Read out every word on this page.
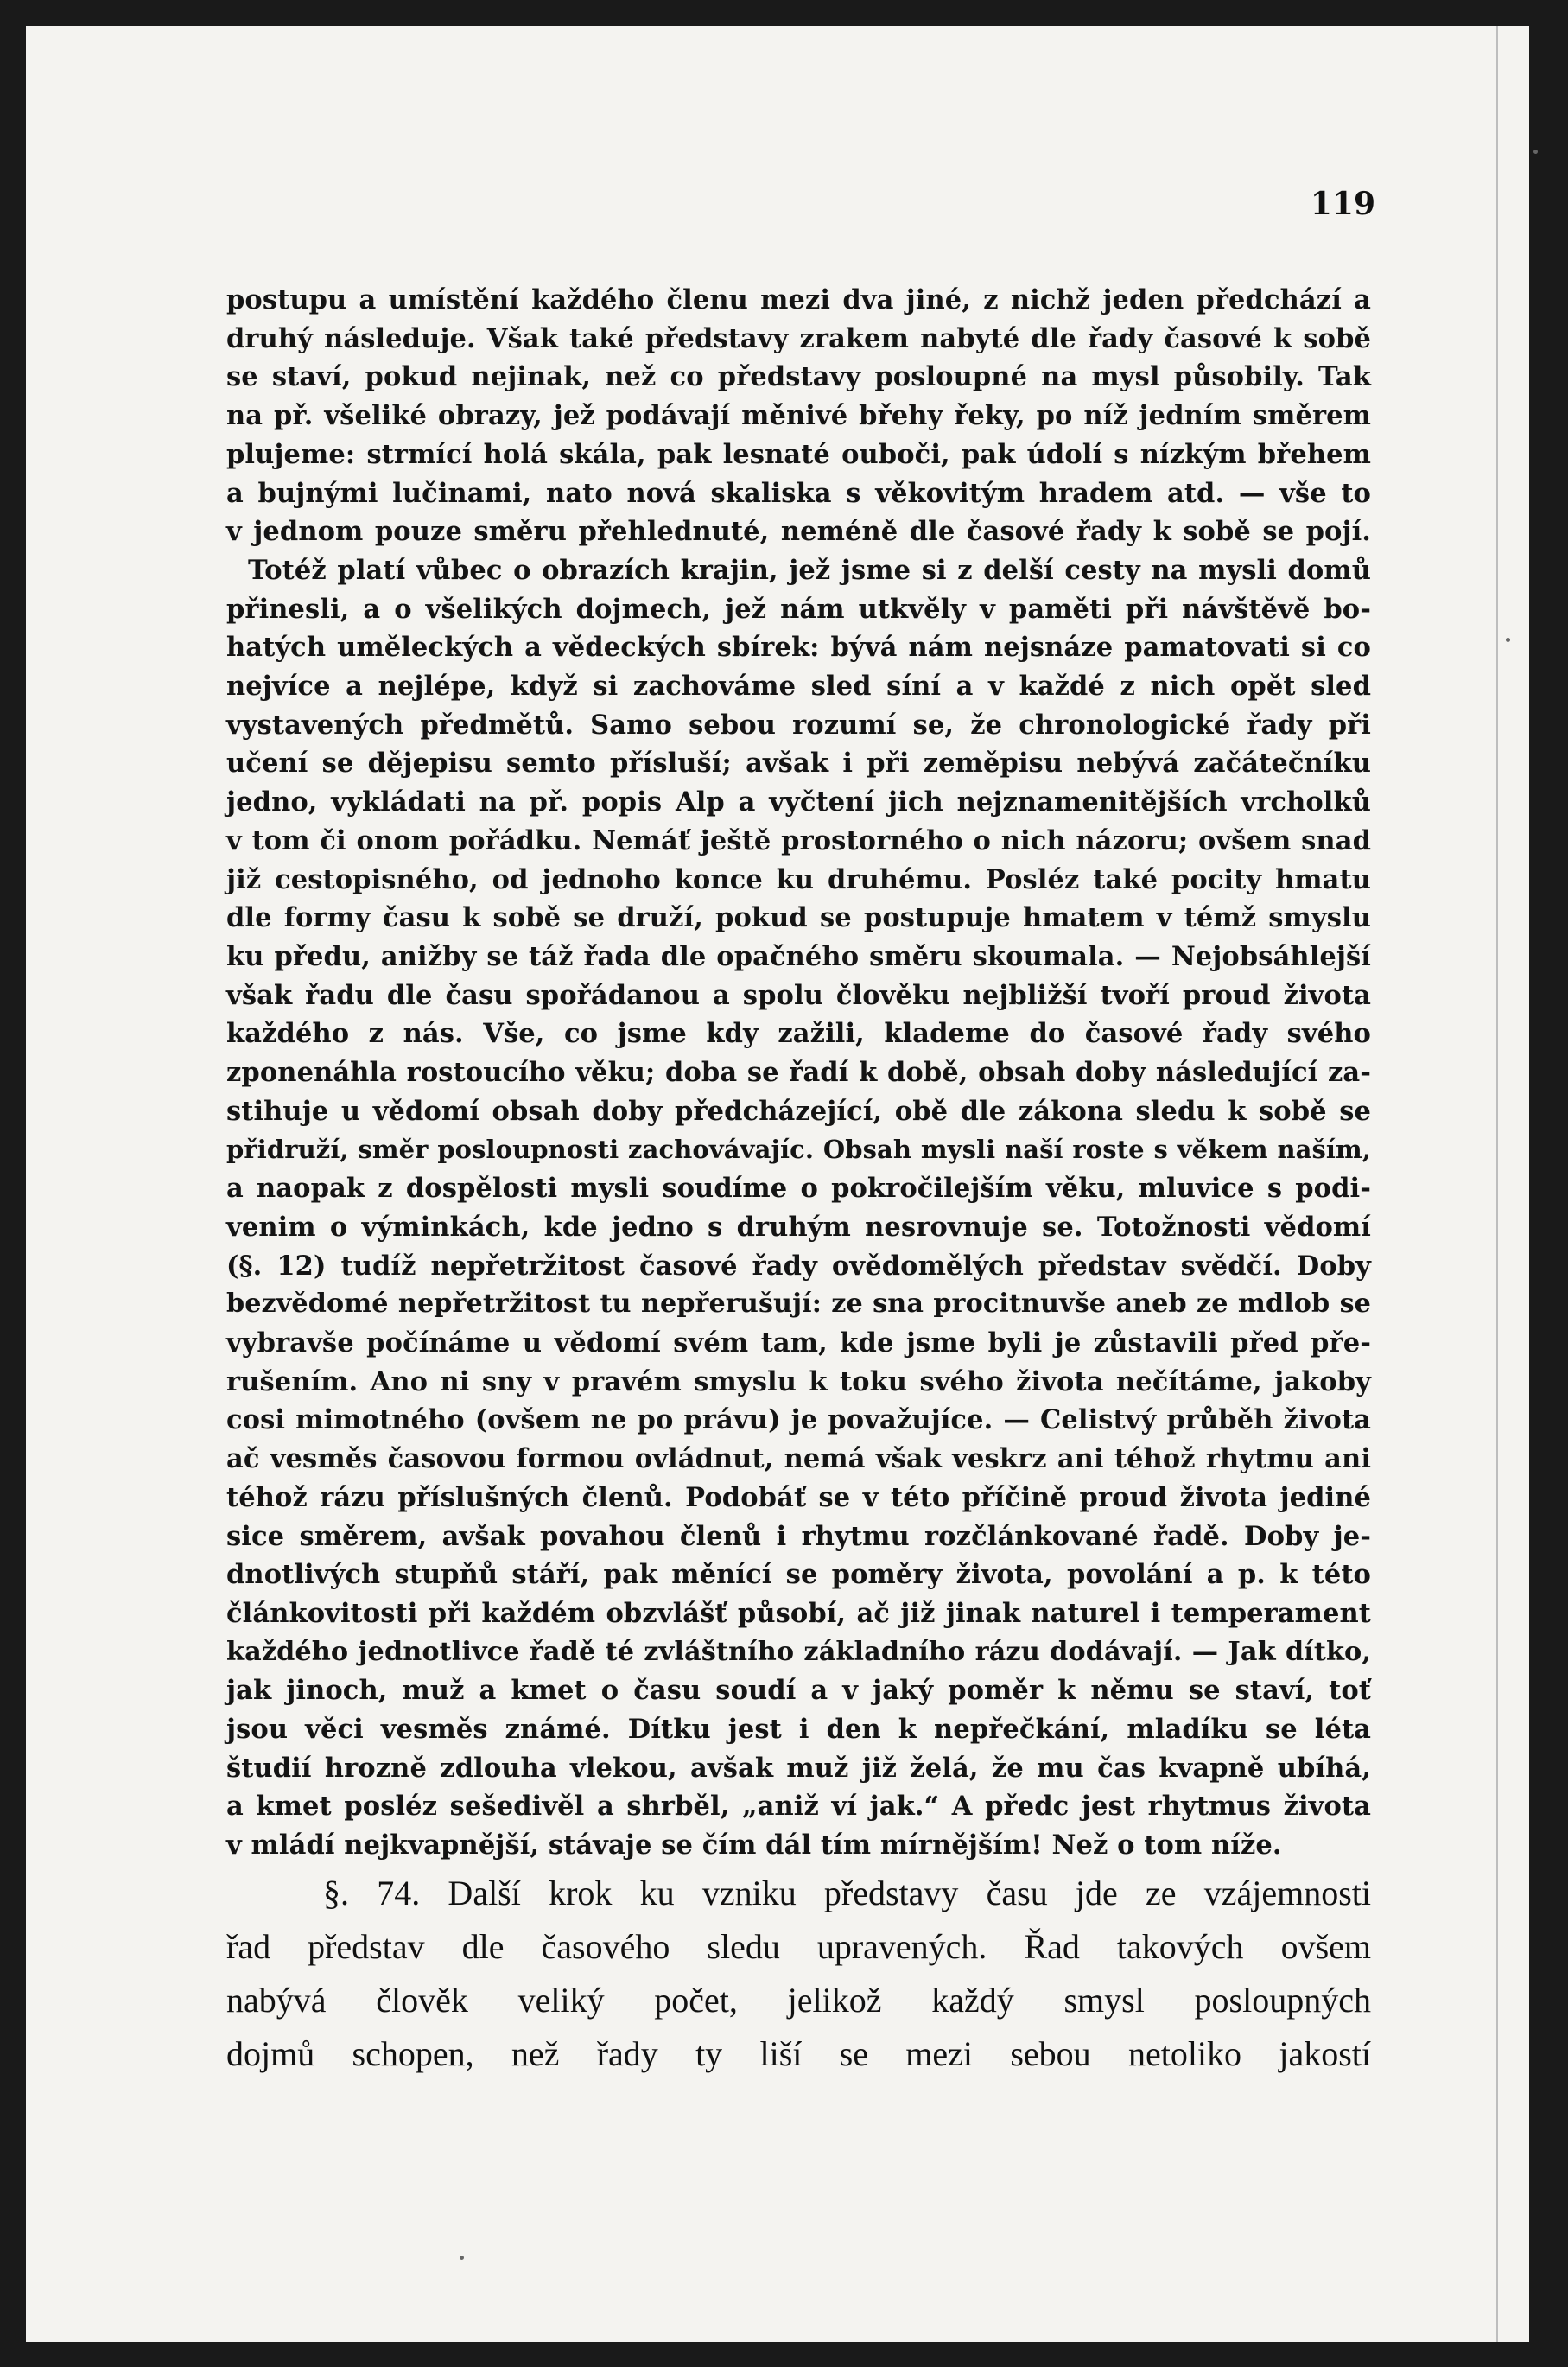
119
postupu a umístění každého členu mezi dva jiné, z nichž jeden předchází a
druhý následuje. Však také představy zrakem nabyté dle řady časové k sobě
se staví, pokud nejinak, než co představy posloupné na mysl působily. Tak
na př. všeliké obrazy, jež podávají měnivé břehy řeky, po níž jedním směrem
plujeme: strmící holá skála, pak lesnaté ouboči, pak údolí s nízkým břehem
a bujnými lučinami, nato nová skaliska s věkovitým hradem atd. — vše to
v jednom pouze směru přehlednuté, neméně dle časové řady k sobě se pojí.
Totéž platí vůbec o obrazích krajin, jež jsme si z delší cesty na mysli domů
přinesli, a o všelikých dojmech, jež nám utkvěly v paměti při návštěvě bo-
hatých uměleckých a vědeckých sbírek: bývá nám nejsnáze pamatovati si co
nejvíce a nejlépe, když si zachováme sled síní a v každé z nich opět sled
vystavených předmětů. Samo sebou rozumí se, že chronologické řady při
učení se dějepisu semto přísluší; avšak i při zeměpisu nebývá začátečníku
jedno, vykládati na př. popis Alp a vyčtení jich nejznamenitějších vrcholků
v tom či onom pořádku. Nemáť ještě prostorného o nich názoru; ovšem snad
již cestopisného, od jednoho konce ku druhému. Posléz také pocity hmatu
dle formy času k sobě se druží, pokud se postupuje hmatem v témž smyslu
ku předu, anižby se táž řada dle opačného směru skoumala. — Nejobsáhlejší
však řadu dle času spořádanou a spolu člověku nejbližší tvoří proud života
každého z nás. Vše, co jsme kdy zažili, klademe do časové řady svého
zponenáhla rostoucího věku; doba se řadí k době, obsah doby následující za-
stihuje u vědomí obsah doby předcházející, obě dle zákona sledu k sobě se
přidruží, směr posloupnosti zachovávajíc. Obsah mysli naší roste s věkem naším,
a naopak z dospělosti mysli soudíme o pokročilejším věku, mluvice s podi-
venim o výminkách, kde jedno s druhým nesrovnuje se. Totožnosti vědomí
(§. 12) tudíž nepřetržitost časové řady ovědomělých představ svědčí. Doby
bezvědomé nepřetržitost tu nepřerušují: ze sna procitnuvše aneb ze mdlob se
vybravše počínáme u vědomí svém tam, kde jsme byli je zůstavili před pře-
rušením. Ano ni sny v pravém smyslu k toku svého života nečítáme, jakoby
cosi mimotného (ovšem ne po právu) je považujíce. — Celistvý průběh života
ač vesměs časovou formou ovládnut, nemá však veskrz ani téhož rhytmu ani
téhož rázu příslušných členů. Podobáť se v této příčině proud života jediné
sice směrem, avšak povahou členů i rhytmu rozčlánkované řadě. Doby je-
dnotlivých stupňů stáří, pak měnící se poměry života, povolání a p. k této
článkovitosti při každém obzvlášť působí, ač již jinak naturel i temperament
každého jednotlivce řadě té zvláštního základního rázu dodávají. — Jak dítko,
jak jinoch, muž a kmet o času soudí a v jaký poměr k němu se staví, toť
jsou věci vesměs známé. Dítku jest i den k nepřečkání, mladíku se léta
študií hrozně zdlouha vlekou, avšak muž již želá, že mu čas kvapně ubíhá,
a kmet posléz sešedivěl a shrběl, „aniž ví jak.“ A předc jest rhytmus života
v mládí nejkvapnější, stávaje se čím dál tím mírnějším! Než o tom níže.
§. 74. Další krok ku vzniku představy času jde ze vzájemnosti
řad představ dle časového sledu upravených. Řad takových ovšem
nabývá člověk veliký počet, jelikož každý smysl posloupných
dojmů schopen, než řady ty liší se mezi sebou netoliko jakostí
